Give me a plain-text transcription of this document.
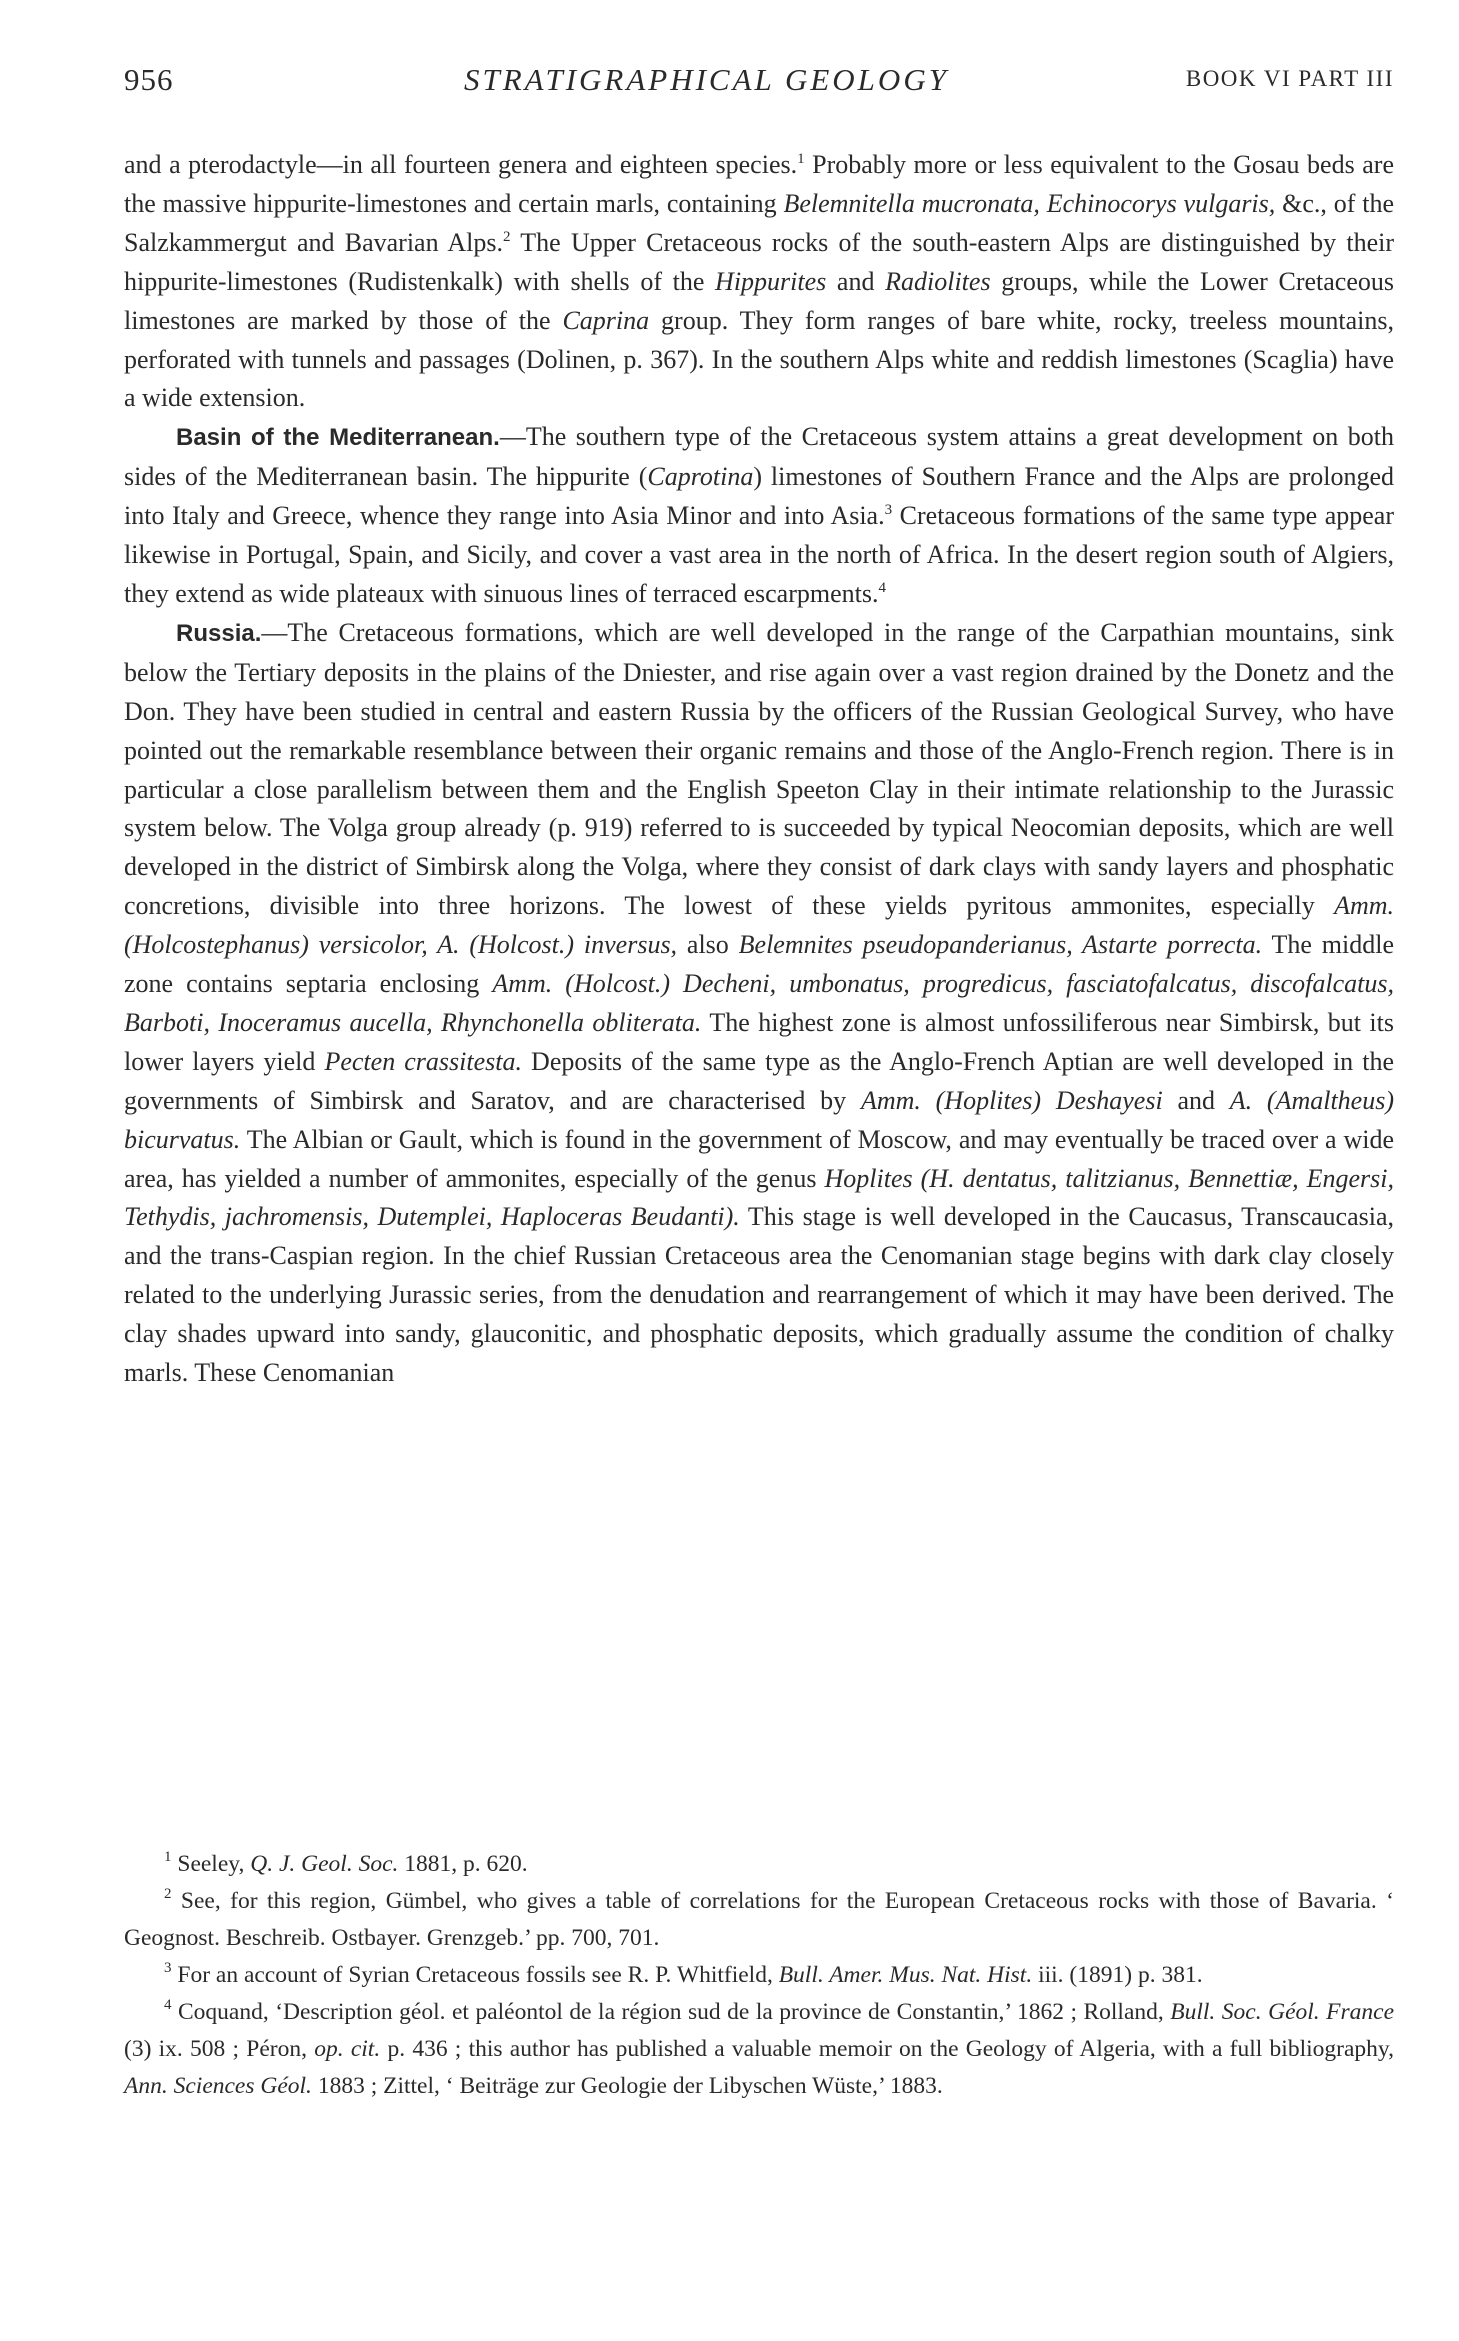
956	STRATIGRAPHICAL GEOLOGY	BOOK VI PART III

and a pterodactyle—in all fourteen genera and eighteen species.$^1$ Probably more or less equivalent to the Gosau beds are the massive hippurite-limestones and certain marls, containing Belemnitella mucronata, Echinocorys vulgaris, &c., of the Salzkammergut and Bavarian Alps.$^2$ The Upper Cretaceous rocks of the south-eastern Alps are distinguished by their hippurite-limestones (Rudistenkalk) with shells of the Hippurites and Radiolites groups, while the Lower Cretaceous limestones are marked by those of the Caprina group. They form ranges of bare white, rocky, treeless mountains, perforated with tunnels and passages (Dolinen, p. 367). In the southern Alps white and reddish limestones (Scaglia) have a wide extension.

Basin of the Mediterranean.—The southern type of the Cretaceous system attains a great development on both sides of the Mediterranean basin. The hippurite (Caprotina) limestones of Southern France and the Alps are prolonged into Italy and Greece, whence they range into Asia Minor and into Asia.$^3$ Cretaceous formations of the same type appear likewise in Portugal, Spain, and Sicily, and cover a vast area in the north of Africa. In the desert region south of Algiers, they extend as wide plateaux with sinuous lines of terraced escarpments.$^4$

Russia.—The Cretaceous formations, which are well developed in the range of the Carpathian mountains, sink below the Tertiary deposits in the plains of the Dniester, and rise again over a vast region drained by the Donetz and the Don. They have been studied in central and eastern Russia by the officers of the Russian Geological Survey, who have pointed out the remarkable resemblance between their organic remains and those of the Anglo-French region. There is in particular a close parallelism between them and the English Speeton Clay in their intimate relationship to the Jurassic system below. The Volga group already (p. 919) referred to is succeeded by typical Neocomian deposits, which are well developed in the district of Simbirsk along the Volga, where they consist of dark clays with sandy layers and phosphatic concretions, divisible into three horizons. The lowest of these yields pyritous ammonites, especially Amm. (Holcostephanus) versicolor, A. (Holcost.) inversus, also Belemnites pseudopanderianus, Astarte porrecta. The middle zone contains septaria enclosing Amm. (Holcost.) Decheni, umbonatus, progredicus, fasciatofalcatus, discofalcatus, Barboti, Inoceramus aucella, Rhynchonella obliterata. The highest zone is almost unfossiliferous near Simbirsk, but its lower layers yield Pecten crassitesta. Deposits of the same type as the Anglo-French Aptian are well developed in the governments of Simbirsk and Saratov, and are characterised by Amm. (Hoplites) Deshayesi and A. (Amaltheus) bicurvatus. The Albian or Gault, which is found in the government of Moscow, and may eventually be traced over a wide area, has yielded a number of ammonites, especially of the genus Hoplites (H. dentatus, talitzianus, Bennettiæ, Engersi, Tethydis, jachromensis, Dutemplei, Haploceras Beudanti). This stage is well developed in the Caucasus, Transcaucasia, and the trans-Caspian region. In the chief Russian Cretaceous area the Cenomanian stage begins with dark clay closely related to the underlying Jurassic series, from the denudation and rearrangement of which it may have been derived. The clay shades upward into sandy, glauconitic, and phosphatic deposits, which gradually assume the condition of chalky marls. These Cenomanian

$^1$ Seeley, Q. J. Geol. Soc. 1881, p. 620.

$^2$ See, for this region, Gümbel, who gives a table of correlations for the European Cretaceous rocks with those of Bavaria. ‘ Geognost. Beschreib. Ostbayer. Grenzgeb.’ pp. 700, 701.

$^3$ For an account of Syrian Cretaceous fossils see R. P. Whitfield, Bull. Amer. Mus. Nat. Hist. iii. (1891) p. 381.

$^4$ Coquand, ‘Description géol. et paléontol de la région sud de la province de Constantin,’ 1862 ; Rolland, Bull. Soc. Géol. France (3) ix. 508 ; Péron, op. cit. p. 436 ; this author has published a valuable memoir on the Geology of Algeria, with a full bibliography, Ann. Sciences Géol. 1883 ; Zittel, ‘ Beiträge zur Geologie der Libyschen Wüste,’ 1883.
